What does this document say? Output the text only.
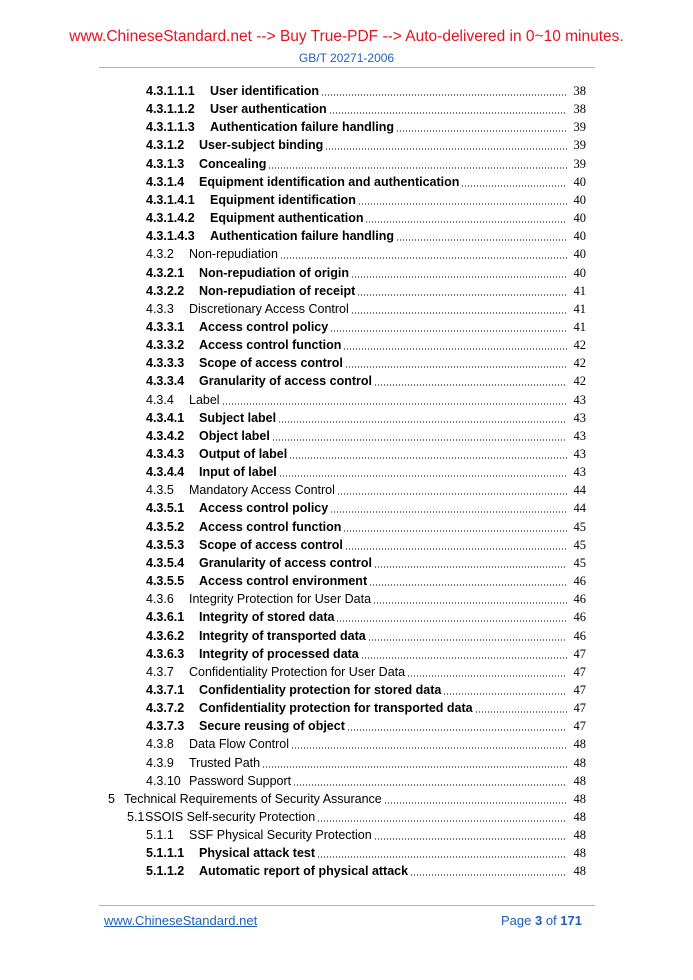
www.ChineseStandard.net --> Buy True-PDF --> Auto-delivered in 0~10 minutes.
GB/T 20271-2006
4.3.1.1.1	User identification	38
4.3.1.1.2	User authentication	38
4.3.1.1.3	Authentication failure handling	39
4.3.1.2	User-subject binding	39
4.3.1.3	Concealing	39
4.3.1.4	Equipment identification and authentication	40
4.3.1.4.1	Equipment identification	40
4.3.1.4.2	Equipment authentication	40
4.3.1.4.3	Authentication failure handling	40
4.3.2	Non-repudiation	40
4.3.2.1	Non-repudiation of origin	40
4.3.2.2	Non-repudiation of receipt	41
4.3.3	Discretionary Access Control	41
4.3.3.1	Access control policy	41
4.3.3.2	Access control function	42
4.3.3.3	Scope of access control	42
4.3.3.4	Granularity of access control	42
4.3.4	Label	43
4.3.4.1	Subject label	43
4.3.4.2	Object label	43
4.3.4.3	Output of label	43
4.3.4.4	Input of label	43
4.3.5	Mandatory Access Control	44
4.3.5.1	Access control policy	44
4.3.5.2	Access control function	45
4.3.5.3	Scope of access control	45
4.3.5.4	Granularity of access control	45
4.3.5.5	Access control environment	46
4.3.6	Integrity Protection for User Data	46
4.3.6.1	Integrity of stored data	46
4.3.6.2	Integrity of transported data	46
4.3.6.3	Integrity of processed data	47
4.3.7	Confidentiality Protection for User Data	47
4.3.7.1	Confidentiality protection for stored data	47
4.3.7.2	Confidentiality protection for transported data	47
4.3.7.3	Secure reusing of object	47
4.3.8	Data Flow Control	48
4.3.9	Trusted Path	48
4.3.10 Password Support	48
5 Technical Requirements of Security Assurance	48
5.1 SSOIS Self-security Protection	48
5.1.1	SSF Physical Security Protection	48
5.1.1.1	Physical attack test	48
5.1.1.2	Automatic report of physical attack	48
www.ChineseStandard.net	Page 3 of 171
